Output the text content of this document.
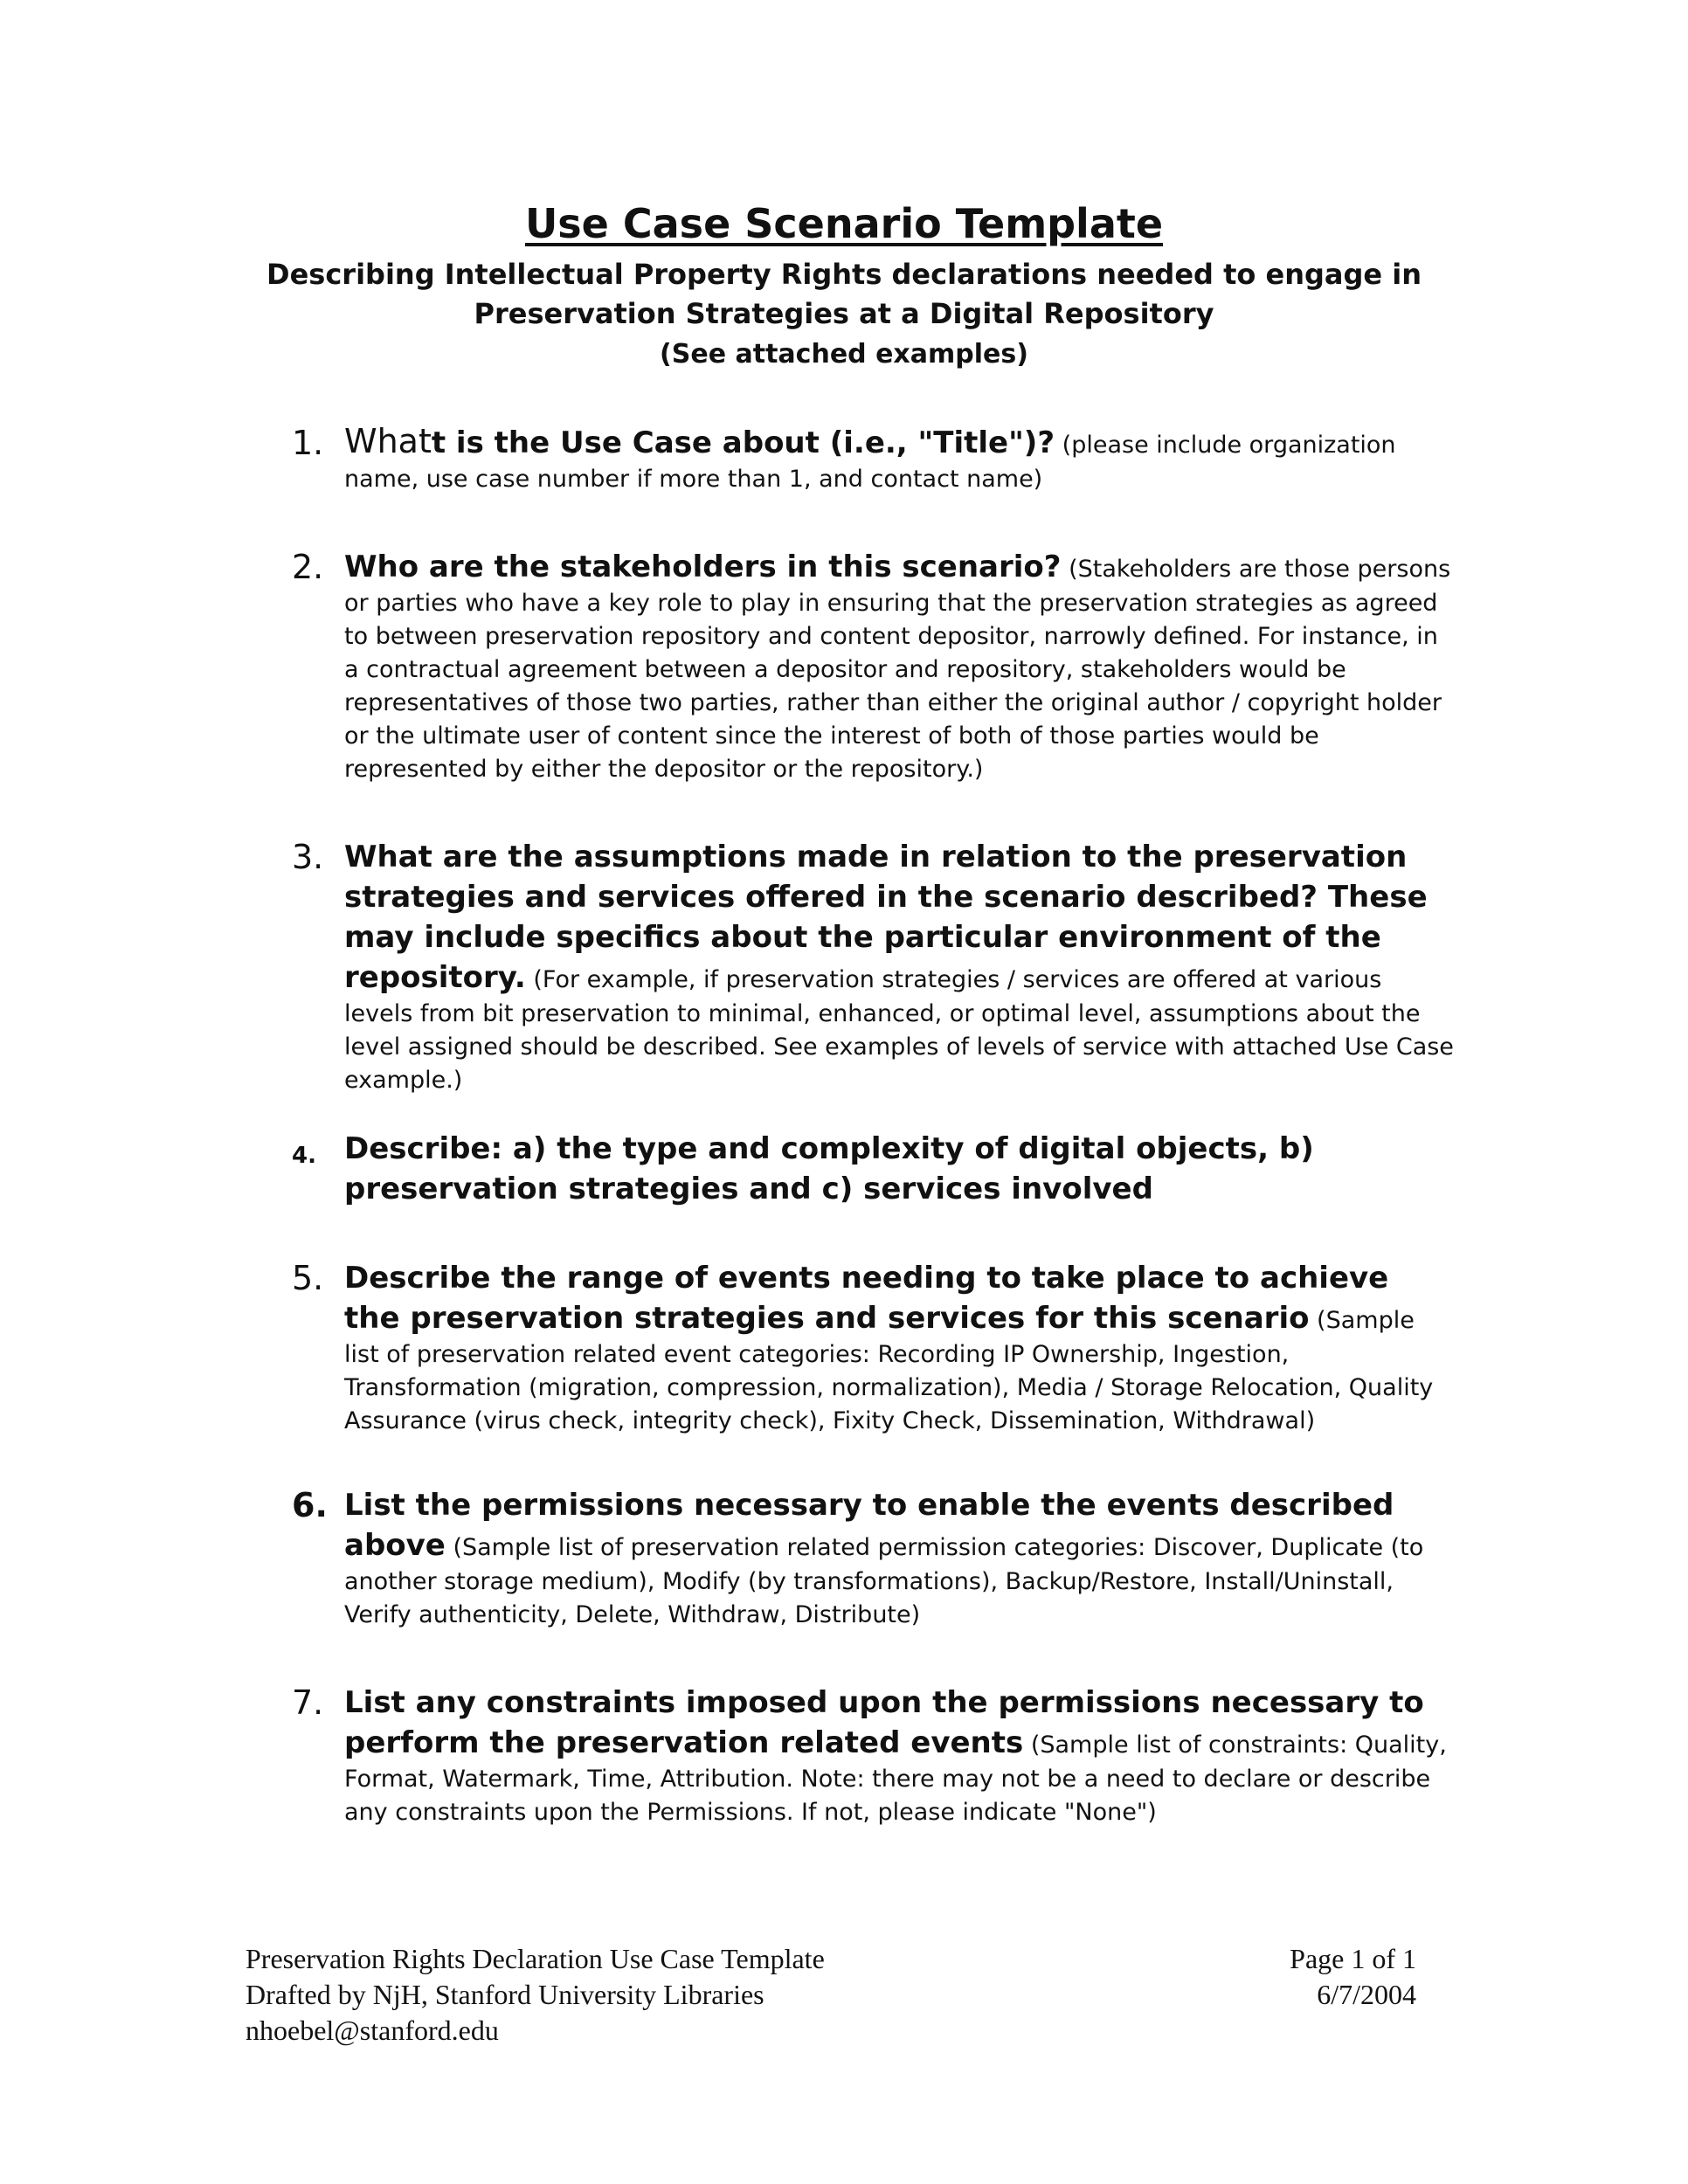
Use Case Scenario Template
Describing Intellectual Property Rights declarations needed to engage in Preservation Strategies at a Digital Repository
(See attached examples)
1. Whatt is the Use Case about (i.e., "Title")? (please include organization name, use case number if more than 1, and contact name)
2. Who are the stakeholders in this scenario? (Stakeholders are those persons or parties who have a key role to play in ensuring that the preservation strategies as agreed to between preservation repository and content depositor, narrowly defined. For instance, in a contractual agreement between a depositor and repository, stakeholders would be representatives of those two parties, rather than either the original author / copyright holder or the ultimate user of content since the interest of both of those parties would be represented by either the depositor or the repository.)
3. What are the assumptions made in relation to the preservation strategies and services offered in the scenario described? These may include specifics about the particular environment of the repository. (For example, if preservation strategies / services are offered at various levels from bit preservation to minimal, enhanced, or optimal level, assumptions about the level assigned should be described. See examples of levels of service with attached Use Case example.)
4. Describe: a) the type and complexity of digital objects, b) preservation strategies and c) services involved
5. Describe the range of events needing to take place to achieve the preservation strategies and services for this scenario (Sample list of preservation related event categories: Recording IP Ownership, Ingestion, Transformation (migration, compression, normalization), Media / Storage Relocation, Quality Assurance (virus check, integrity check), Fixity Check, Dissemination, Withdrawal)
6. List the permissions necessary to enable the events described above (Sample list of preservation related permission categories: Discover, Duplicate (to another storage medium), Modify (by transformations), Backup/Restore, Install/Uninstall, Verify authenticity, Delete, Withdraw, Distribute)
7. List any constraints imposed upon the permissions necessary to perform the preservation related events (Sample list of constraints: Quality, Format, Watermark, Time, Attribution. Note: there may not be a need to declare or describe any constraints upon the Permissions. If not, please indicate "None")
Preservation Rights Declaration Use Case Template
Drafted by NjH, Stanford University Libraries
nhoebel@stanford.edu
Page 1 of 1
6/7/2004
